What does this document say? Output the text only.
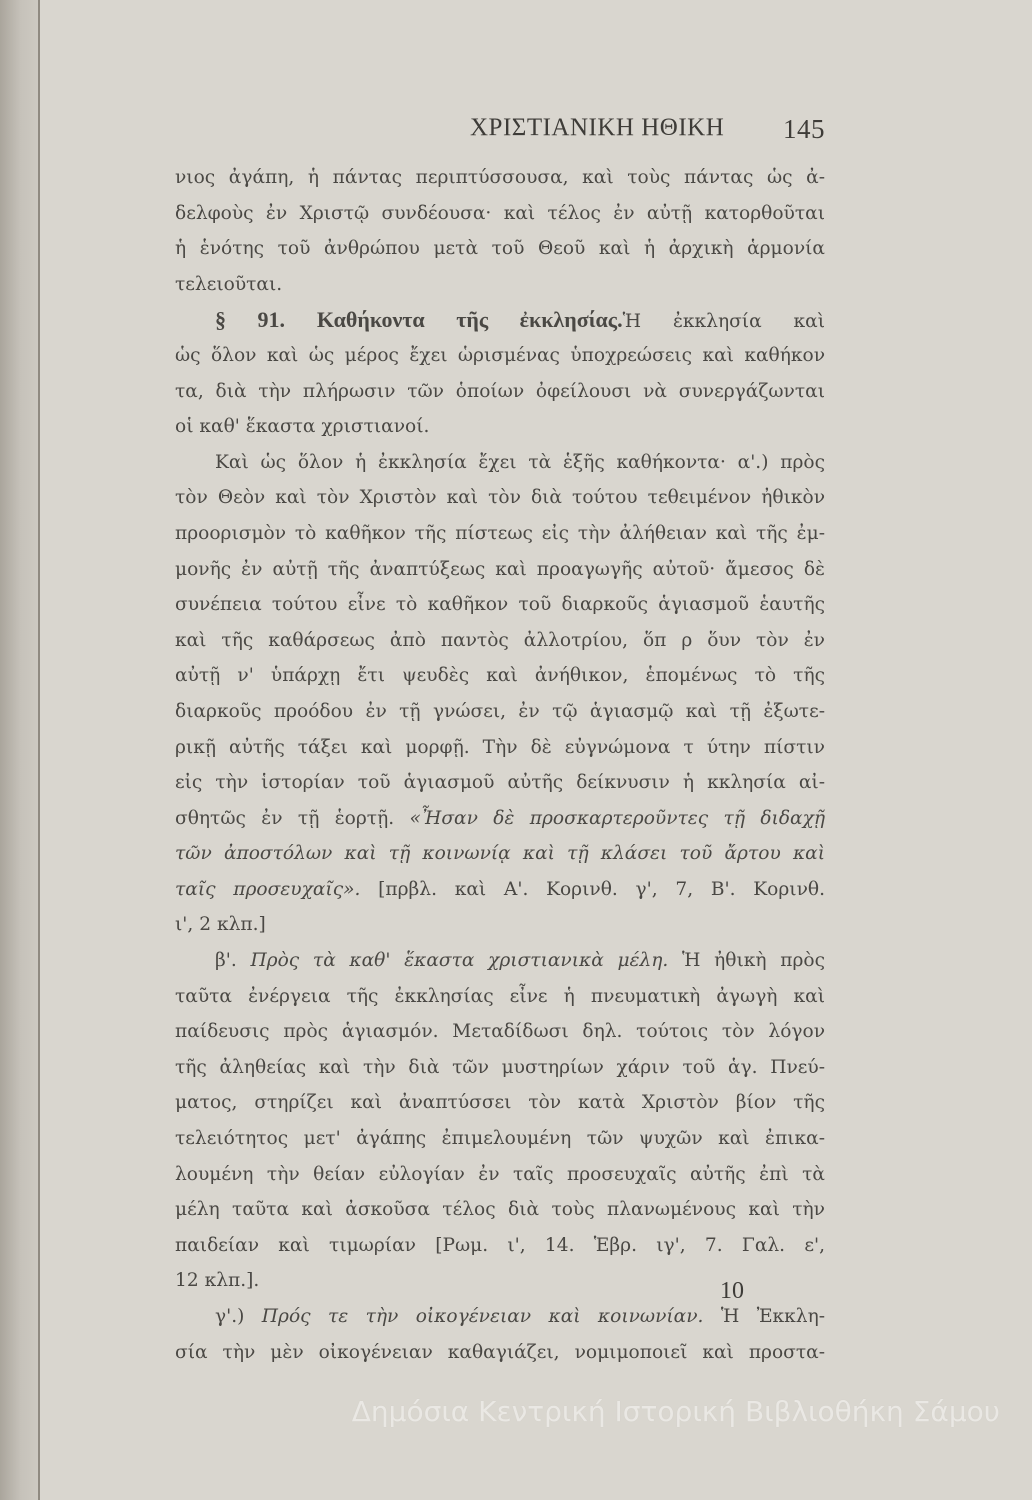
ΧΡΙΣΤΙΑΝΙΚΗ ΗΘΙΚΗ 145
νιος ἀγάπη, ἡ πάντας περιπτύσσουσα, καὶ τοὺς πάντας ὡς ἀ-
δελφοὺς ἐν Χριστῷ συνδέουσα· καὶ τέλος ἐν αὐτῇ κατορθοῦται
ἡ ἑνότης τοῦ ἀνθρώπου μετὰ τοῦ Θεοῦ καὶ ἡ ἀρχικὴ ἁρμονία
τελειοῦται.
§ 91. Καθήκοντα τῆς ἐκκλησίας.Ἡ ἐκκλησία καὶ
ὡς ὅλον καὶ ὡς μέρος ἔχει ὡρισμένας ὑποχρεώσεις καὶ καθήκον
τα, διὰ τὴν πλήρωσιν τῶν ὁποίων ὀφείλουσι νὰ συνεργάζωνται
οἱ καθ' ἕκαστα χριστιανοί.
Καὶ ὡς ὅλον ἡ ἐκκλησία ἔχει τὰ ἑξῆς καθήκοντα· α'.) πρὸς
τὸν Θεὸν καὶ τὸν Χριστὸν καὶ τὸν διὰ τούτου τεθειμένον ἠθικὸν
προορισμὸν τὸ καθῆκον τῆς πίστεως εἰς τὴν ἀλήθειαν καὶ τῆς ἐμ-
μονῆς ἐν αὐτῇ τῆς ἀναπτύξεως καὶ προαγωγῆς αὐτοῦ· ἄμεσος δὲ
συνέπεια τούτου εἶνε τὸ καθῆκον τοῦ διαρκοῦς ἁγιασμοῦ ἑαυτῆς
καὶ τῆς καθάρσεως ἀπὸ παντὸς ἀλλοτρίου, ὅπ ρ ὅυν τὸν ἐν
αὐτῇ ν' ὑπάρχῃ ἔτι ψευδὲς καὶ ἀνήθικον, ἑπομένως τὸ τῆς
διαρκοῦς προόδου ἐν τῇ γνώσει, ἐν τῷ ἁγιασμῷ καὶ τῇ ἐξωτε-
ρικῇ αὐτῆς τάξει καὶ μορφῇ. Τὴν δὲ εὐγνώμονα τ ύτην πίστιν
εἰς τὴν ἱστορίαν τοῦ ἁγιασμοῦ αὐτῆς δείκνυσιν ἡ κκλησία αἰ-
σθητῶς ἐν τῇ ἑορτῇ. «Ἦσαν δὲ προσκαρτεροῦντες τῇ διδαχῇ
τῶν ἀποστόλων καὶ τῇ κοινωνίᾳ καὶ τῇ κλάσει τοῦ ἄρτου καὶ
ταῖς προσευχαῖς». [πρβλ. καὶ Α'. Κορινθ. γ', 7, Β'. Κορινθ.
ι', 2 κλπ.]
β'. Πρὸς τὰ καθ' ἕκαστα χριστιανικὰ μέλη. Ἡ ἠθικὴ πρὸς
ταῦτα ἐνέργεια τῆς ἐκκλησίας εἶνε ἡ πνευματικὴ ἀγωγὴ καὶ
παίδευσις πρὸς ἁγιασμόν. Μεταδίδωσι δηλ. τούτοις τὸν λόγον
τῆς ἀληθείας καὶ τὴν διὰ τῶν μυστηρίων χάριν τοῦ ἁγ. Πνεύ-
ματος, στηρίζει καὶ ἀναπτύσσει τὸν κατὰ Χριστὸν βίον τῆς
τελειότητος μετ' ἀγάπης ἐπιμελουμένη τῶν ψυχῶν καὶ ἐπικα-
λουμένη τὴν θείαν εὐλογίαν ἐν ταῖς προσευχαῖς αὐτῆς ἐπὶ τὰ
μέλη ταῦτα καὶ ἀσκοῦσα τέλος διὰ τοὺς πλανωμένους καὶ τὴν
παιδείαν καὶ τιμωρίαν [Ρωμ. ι', 14. Ἑβρ. ιγ', 7. Γαλ. ε',
12 κλπ.].
γ'.) Πρός τε τὴν οἰκογένειαν καὶ κοινωνίαν. Ἡ Ἐκκλη-
σία τὴν μὲν οἰκογένειαν καθαγιάζει, νομιμοποιεῖ καὶ προστα-
10
Δημόσια Κεντρική Ιστορική Βιβλιοθήκη Σάμου
